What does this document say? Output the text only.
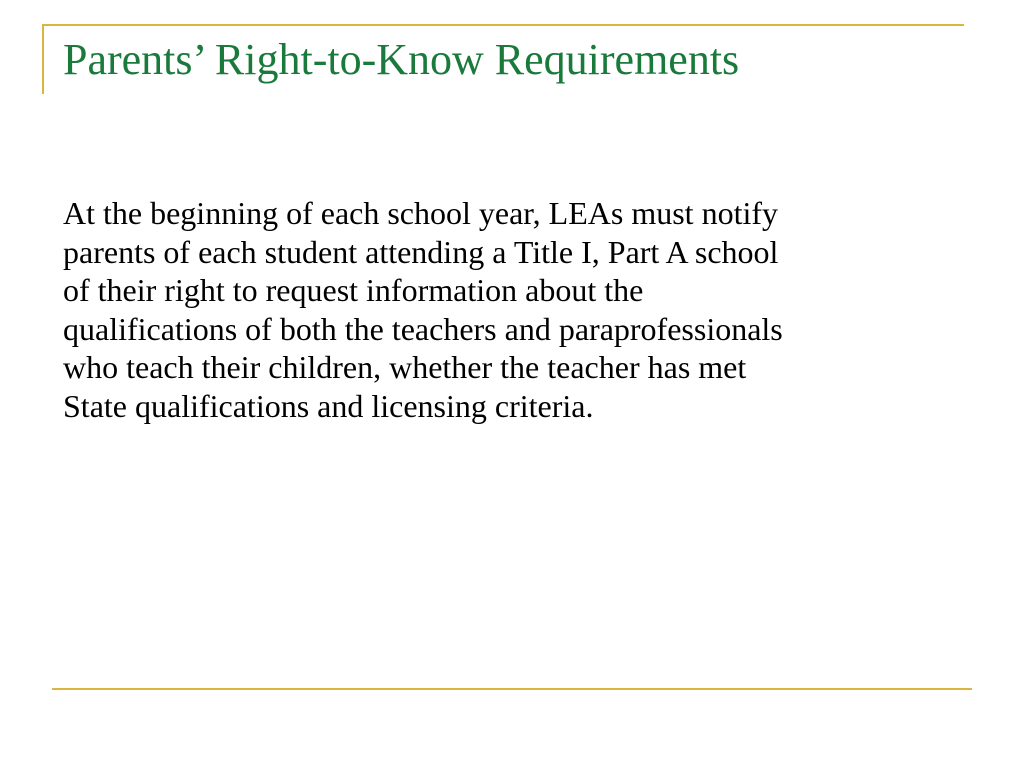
Parents’ Right-to-Know Requirements
At the beginning of each school year, LEAs must notify
parents of each student attending a Title I, Part A school
of their right to request information about the
qualifications of both the teachers and paraprofessionals
who teach their children, whether the teacher has met
State qualifications and licensing criteria.
